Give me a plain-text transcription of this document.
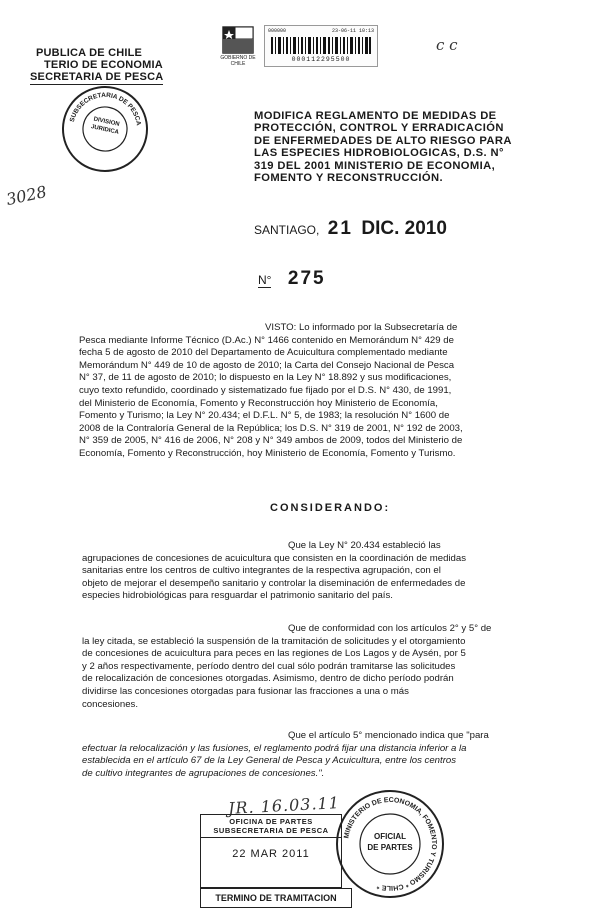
PUBLICA DE CHILE
TERIO DE ECONOMIA
SECRETARIA DE PESCA
GOBIERNO DE CHILE
000000	23-06-11 10:13
000112295500
c c
SUBSECRETARIA DE PESCA
DIVISION JURIDICA
3028
MODIFICA REGLAMENTO DE MEDIDAS DE
PROTECCIÓN, CONTROL Y ERRADICACIÓN
DE ENFERMEDADES DE ALTO RIESGO PARA
LAS ESPECIES HIDROBIOLOGICAS, D.S. N°
319 DEL 2001 MINISTERIO DE ECONOMIA,
FOMENTO Y RECONSTRUCCIÓN.
SANTIAGO, 21 DIC. 2010
N° 275
VISTO: Lo informado por la Subsecretaría de
Pesca mediante Informe Técnico (D.Ac.) N° 1466 contenido en Memorándum N° 429 de
fecha 5 de agosto de 2010 del Departamento de Acuicultura complementado mediante
Memorándum N° 449 de 10 de agosto de 2010; la Carta del Consejo Nacional de Pesca
N° 37, de 11 de agosto de 2010; lo dispuesto en la Ley N° 18.892 y sus modificaciones,
cuyo texto refundido, coordinado y sistematizado fue fijado por el D.S. N° 430, de 1991,
del Ministerio de Economía, Fomento y Reconstrucción hoy Ministerio de Economía,
Fomento y Turismo; la Ley N° 20.434; el D.F.L. N° 5, de 1983; la resolución N° 1600 de
2008 de la Contraloría General de la República; los D.S. N° 319 de 2001, N° 192 de 2003,
N° 359 de 2005, N° 416 de 2006, N° 208 y N° 349 ambos de 2009, todos del Ministerio de
Economía, Fomento y Reconstrucción, hoy Ministerio de Economía, Fomento y Turismo.
CONSIDERANDO:
Que la Ley N° 20.434 estableció las
agrupaciones de concesiones de acuicultura que consisten en la coordinación de medidas
sanitarias entre los centros de cultivo integrantes de la respectiva agrupación, con el
objeto de mejorar el desempeño sanitario y controlar la diseminación de enfermedades de
especies hidrobiológicas para resguardar el patrimonio sanitario del país.
Que de conformidad con los artículos 2° y 5° de
la ley citada, se estableció la suspensión de la tramitación de solicitudes y el otorgamiento
de concesiones de acuicultura para peces en las regiones de Los Lagos y de Aysén, por 5
y 2 años respectivamente, período dentro del cual sólo podrán tramitarse las solicitudes
de relocalización de concesiones otorgadas. Asimismo, dentro de dicho período podrán
dividirse las concesiones otorgadas para fusionar las fracciones a una o más
concesiones.
Que el artículo 5° mencionado indica que "para
efectuar la relocalización y las fusiones, el reglamento podrá fijar una distancia inferior a la
establecida en el artículo 67 de la Ley General de Pesca y Acuicultura, entre los centros
de cultivo integrantes de agrupaciones de concesiones.".
JR. 16.03.11
OFICINA DE PARTES
SUBSECRETARIA DE PESCA
22 MAR 2011
TERMINO DE TRAMITACION
MINISTERIO DE ECONOMIA, FOMENTO Y TURISMO * CHILE *
OFICIAL
DE PARTES
